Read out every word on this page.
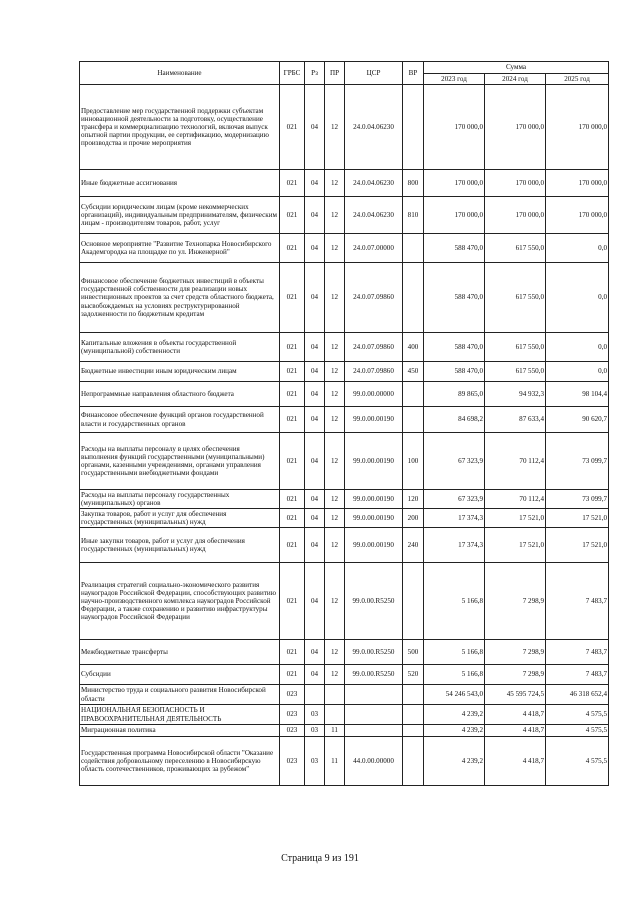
Наименование	ГРБС	Рз	ПР	ЦСР	ВР	Сумма		
						2023 год	2024 год	2025 год
Предоставление мер государственной поддержки субъектам инновационной деятельности за подготовку, осуществление трансфера и коммерциализацию технологий, включая выпуск опытной партии продукции, ее сертификацию, модернизацию производства и прочие мероприятия	021	04	12	24.0.04.06230		170 000,0	170 000,0	170 000,0
Иные бюджетные ассигнования	021	04	12	24.0.04.06230	800	170 000,0	170 000,0	170 000,0
Субсидии юридическим лицам (кроме некоммерческих организаций), индивидуальным предпринимателям, физическим лицам - производителям товаров, работ, услуг	021	04	12	24.0.04.06230	810	170 000,0	170 000,0	170 000,0
Основное мероприятие "Развитие Технопарка Новосибирского Академгородка на площадке по ул. Инженерной"	021	04	12	24.0.07.00000		588 470,0	617 550,0	0,0
Финансовое обеспечение бюджетных инвестиций в объекты государственной собственности для реализации новых инвестиционных проектов за счет средств областного бюджета, высвобождаемых на условиях реструктурированной задолженности по бюджетным кредитам	021	04	12	24.0.07.09860		588 470,0	617 550,0	0,0
Капитальные вложения в объекты государственной (муниципальной) собственности	021	04	12	24.0.07.09860	400	588 470,0	617 550,0	0,0
Бюджетные инвестиции иным юридическим лицам	021	04	12	24.0.07.09860	450	588 470,0	617 550,0	0,0
Непрограммные направления областного бюджета	021	04	12	99.0.00.00000		89 865,0	94 932,3	98 104,4
Финансовое обеспечение функций органов государственной власти и государственных органов	021	04	12	99.0.00.00190		84 698,2	87 633,4	90 620,7
Расходы на выплаты персоналу в целях обеспечения выполнения функций государственными (муниципальными) органами, казенными учреждениями, органами управления государственными внебюджетными фондами	021	04	12	99.0.00.00190	100	67 323,9	70 112,4	73 099,7
Расходы на выплаты персоналу государственных (муниципальных) органов	021	04	12	99.0.00.00190	120	67 323,9	70 112,4	73 099,7
Закупка товаров, работ и услуг для обеспечения государственных (муниципальных) нужд	021	04	12	99.0.00.00190	200	17 374,3	17 521,0	17 521,0
Иные закупки товаров, работ и услуг для обеспечения государственных (муниципальных) нужд	021	04	12	99.0.00.00190	240	17 374,3	17 521,0	17 521,0
Реализация стратегий социально-экономического развития наукоградов Российской Федерации, способствующих развитию научно-производственного комплекса наукоградов Российской Федерации, а также сохранению и развитию инфраструктуры наукоградов Российской Федерации	021	04	12	99.0.00.R5250		5 166,8	7 298,9	7 483,7
Межбюджетные трансферты	021	04	12	99.0.00.R5250	500	5 166,8	7 298,9	7 483,7
Субсидии	021	04	12	99.0.00.R5250	520	5 166,8	7 298,9	7 483,7
Министерство труда и социального развития Новосибирской области	023					54 246 543,0	45 595 724,5	46 318 652,4
НАЦИОНАЛЬНАЯ БЕЗОПАСНОСТЬ И ПРАВООХРАНИТЕЛЬНАЯ ДЕЯТЕЛЬНОСТЬ	023	03				4 239,2	4 418,7	4 575,5
Миграционная политика	023	03	11			4 239,2	4 418,7	4 575,5
Государственная программа Новосибирской области "Оказание содействия добровольному переселению в Новосибирскую область соотечественников, проживающих за рубежом"	023	03	11	44.0.00.00000		4 239,2	4 418,7	4 575,5
Страница 9 из 191
